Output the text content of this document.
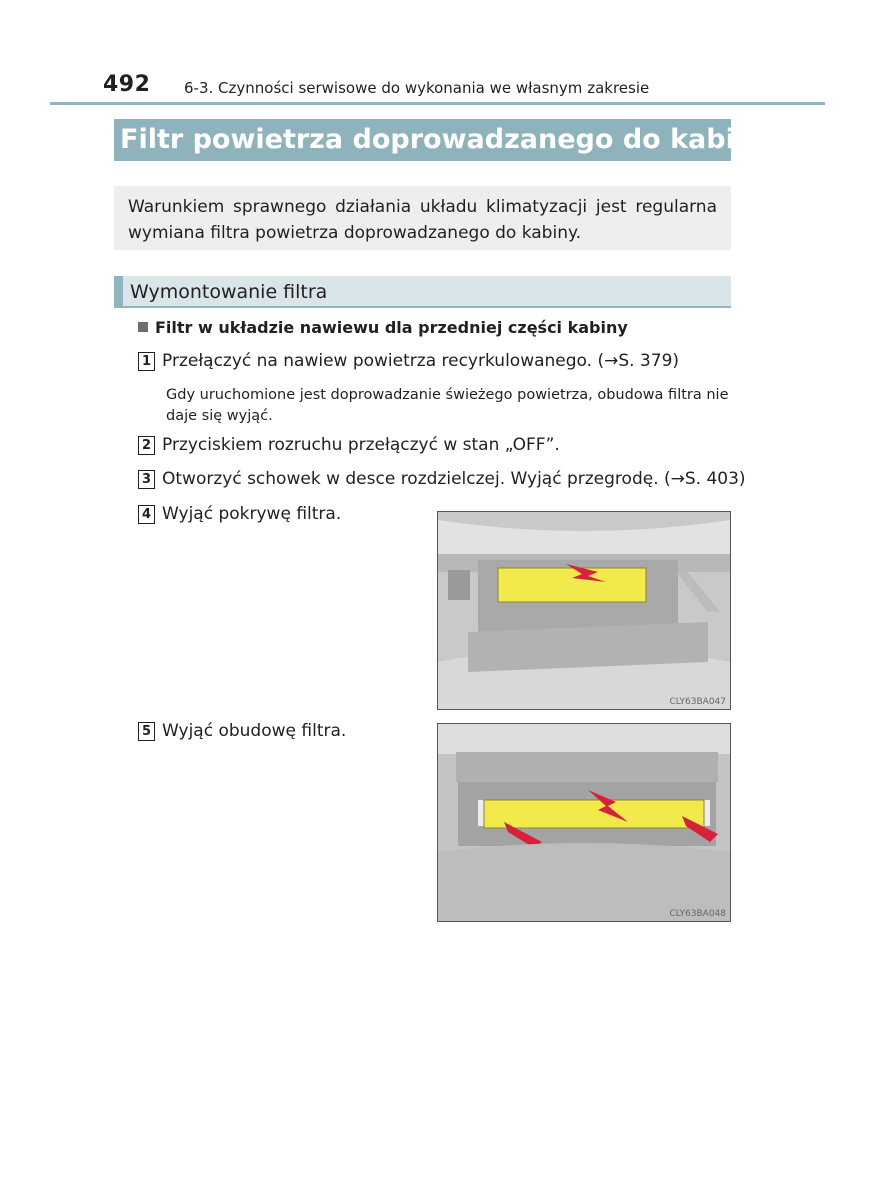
492 6-3. Czynności serwisowe do wykonania we własnym zakresie
Filtr powietrza doprowadzanego do kabiny
Warunkiem sprawnego działania układu klimatyzacji jest regularna wymiana filtra powietrza doprowadzanego do kabiny.
Wymontowanie filtra
Filtr w układzie nawiewu dla przedniej części kabiny
1 Przełączyć na nawiew powietrza recyrkulowanego. (→S. 379)
Gdy uruchomione jest doprowadzanie świeżego powietrza, obudowa filtra nie daje się wyjąć.
2 Przyciskiem rozruchu przełączyć w stan „OFF”.
3 Otworzyć schowek w desce rozdzielczej. Wyjąć przegrodę. (→S. 403)
4 Wyjąć pokrywę filtra.
CLY63BA047
5 Wyjąć obudowę filtra.
CLY63BA048
